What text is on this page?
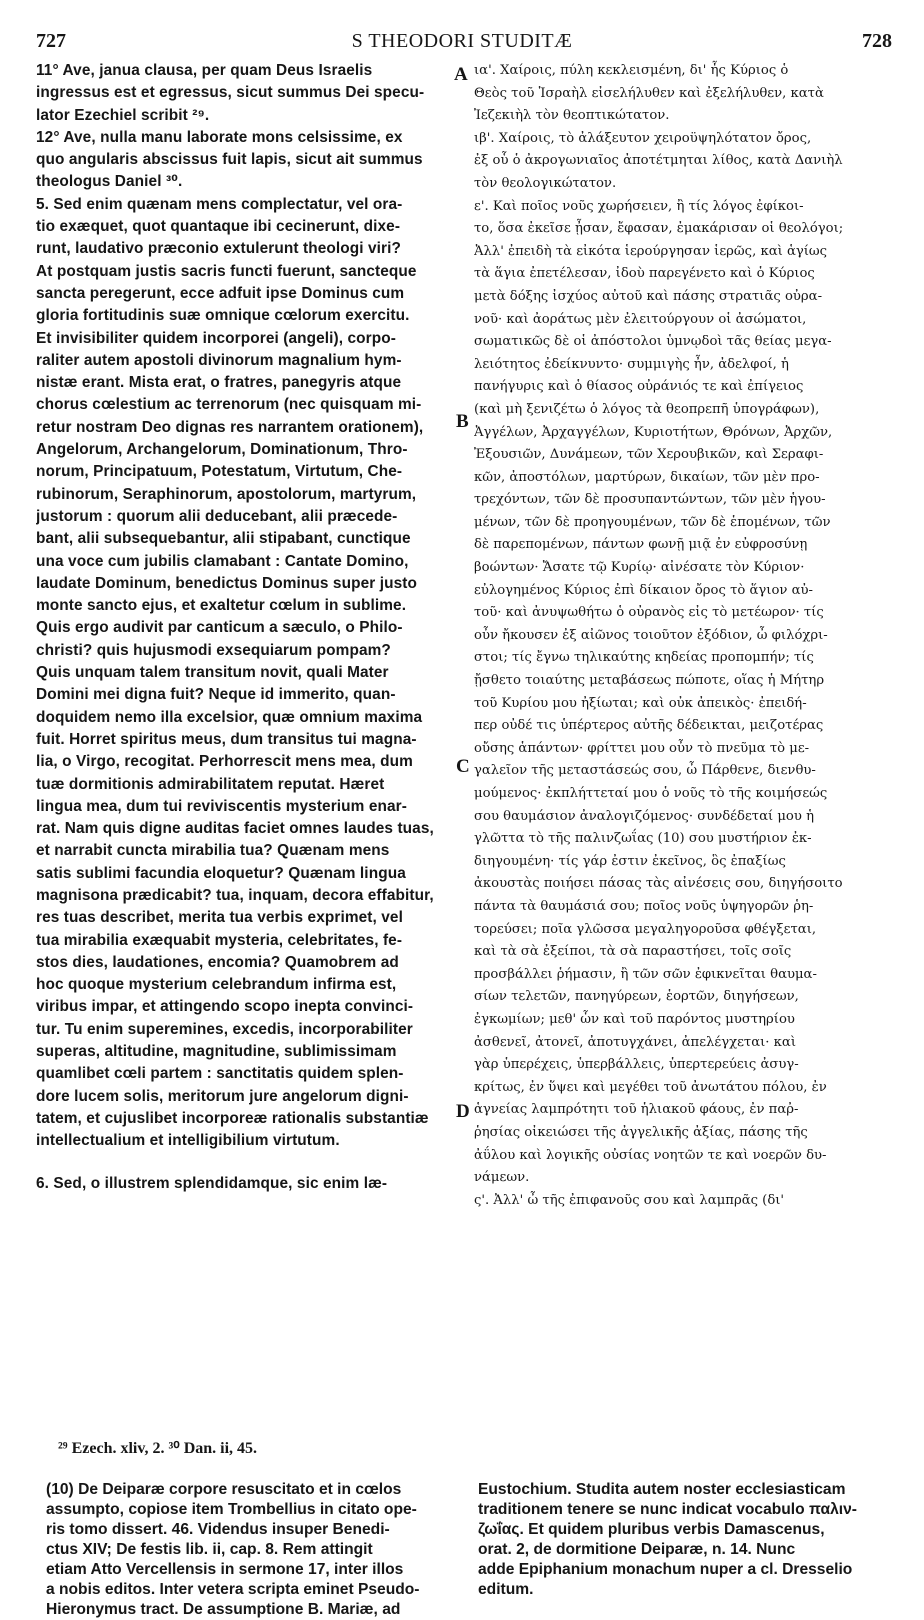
727	S THEODORI STUDITÆ	728

11° Ave, janua clausa, per quam Deus Israelis

ingressus est et egressus, sicut summus Dei specu-

lator Ezechiel scribit ²⁹.

12° Ave, nulla manu laborate mons celsissime, ex

quo angularis abscissus fuit lapis, sicut ait summus

theologus Daniel ³⁰.

5. Sed enim quænam mens complectatur, vel ora-

tio exæquet, quot quantaque ibi cecinerunt, dixe-

runt, laudativo præconio extulerunt theologi viri?

At postquam justis sacris functi fuerunt, sancteque

sancta peregerunt, ecce adfuit ipse Dominus cum

gloria fortitudinis suæ omnique cœlorum exercitu.

Et invisibiliter quidem incorporei (angeli), corpo-

raliter autem apostoli divinorum magnalium hym-

nistæ erant. Mista erat, o fratres, panegyris atque

chorus cœlestium ac terrenorum (nec quisquam mi-

retur nostram Deo dignas res narrantem orationem),

Angelorum, Archangelorum, Dominationum, Thro-

norum, Principatuum, Potestatum, Virtutum, Che-

rubinorum, Seraphinorum, apostolorum, martyrum,

justorum : quorum alii deducebant, alii præcede-

bant, alii subsequebantur, alii stipabant, cunctique

una voce cum jubilis clamabant : Cantate Domino,

laudate Dominum, benedictus Dominus super justo

monte sancto ejus, et exaltetur cœlum in sublime.

Quis ergo audivit par canticum a sæculo, o Philo-

christi? quis hujusmodi exsequiarum pompam?

Quis unquam talem transitum novit, quali Mater

Domini mei digna fuit? Neque id immerito, quan-

doquidem nemo illa excelsior, quæ omnium maxima

fuit. Horret spiritus meus, dum transitus tui magna-

lia, o Virgo, recogitat. Perhorrescit mens mea, dum

tuæ dormitionis admirabilitatem reputat. Hæret

lingua mea, dum tui reviviscentis mysterium enar-

rat. Nam quis digne auditas faciet omnes laudes tuas,

et narrabit cuncta mirabilia tua? Quænam mens

satis sublimi facundia eloquetur? Quænam lingua

magnisona prædicabit? tua, inquam, decora effabitur,

res tuas describet, merita tua verbis exprimet, vel

tua mirabilia exæquabit mysteria, celebritates, fe-

stos dies, laudationes, encomia? Quamobrem ad

hoc quoque mysterium celebrandum infirma est,

viribus impar, et attingendo scopo inepta convinci-

tur. Tu enim superemines, excedis, incorporabiliter

superas, altitudine, magnitudine, sublimissimam

quamlibet cœli partem : sanctitatis quidem splen-

dore lucem solis, meritorum jure angelorum digni-

tatem, et cujuslibet incorporeæ rationalis substantiæ

intellectualium et intelligibilium virtutum.

6. Sed, o illustrem splendidamque, sic enim læ-

ια'. Χαίροις, πύλη κεκλεισμένη, δι' ἧς Κύριος ὁ

Θεὸς τοῦ Ἰσραὴλ εἰσελήλυθεν καὶ ἐξελήλυθεν, κατὰ

Ἰεζεκιὴλ τὸν θεοπτικώτατον.

ιβ'. Χαίροις, τὸ ἀλάξευτον χειροϋψηλότατον ὄρος,

ἐξ οὗ ὁ ἀκρογωνιαῖος ἀποτέτμηται λίθος, κατὰ Δανιὴλ

τὸν θεολογικώτατον.

ε'. Καὶ ποῖος νοῦς χωρήσειεν, ἢ τίς λόγος ἐφίκοι-

το, ὅσα ἐκεῖσε ᾖσαν, ἔφασαν, ἐμακάρισαν οἱ θεολόγοι;

Ἀλλ' ἐπειδὴ τὰ εἰκότα ἱερούργησαν ἱερῶς, καὶ ἁγίως

τὰ ἅγια ἐπετέλεσαν, ἰδοὺ παρεγένετο καὶ ὁ Κύριος

μετὰ δόξης ἰσχύος αὐτοῦ καὶ πάσης στρατιᾶς οὐρα-

νοῦ· καὶ ἀοράτως μὲν ἐλειτούργουν οἱ ἀσώματοι,

σωματικῶς δὲ οἱ ἀπόστολοι ὑμνῳδοὶ τᾶς θείας μεγα-

λειότητος ἐδείκνυντο· συμμιγὴς ἦν, ἀδελφοί, ἡ

πανήγυρις καὶ ὁ θίασος οὐράνιός τε καὶ ἐπίγειος

(καὶ μὴ ξενιζέτω ὁ λόγος τὰ θεοπρεπῆ ὑπογράφων),

Ἀγγέλων, Ἀρχαγγέλων, Κυριοτήτων, Θρόνων, Ἀρχῶν,

Ἐξουσιῶν, Δυνάμεων, τῶν Χερουβικῶν, καὶ Σεραφι-

κῶν, ἀποστόλων, μαρτύρων, δικαίων, τῶν μὲν προ-

τρεχόντων, τῶν δὲ προσυπαντώντων, τῶν μὲν ἡγου-

μένων, τῶν δὲ προηγουμένων, τῶν δὲ ἑπομένων, τῶν

δὲ παρεπομένων, πάντων φωνῇ μιᾷ ἐν εὐφροσύνῃ

βοώντων· Ἄσατε τῷ Κυρίῳ· αἰνέσατε τὸν Κύριον·

εὐλογημένος Κύριος ἐπὶ δίκαιον ὄρος τὸ ἅγιον αὐ-

τοῦ· καὶ ἀνυψωθήτω ὁ οὐρανὸς εἰς τὸ μετέωρον· τίς

οὖν ἤκουσεν ἐξ αἰῶνος τοιοῦτον ἐξόδιον, ὦ φιλόχρι-

στοι; τίς ἔγνω τηλικαύτης κηδείας προπομπήν; τίς

ᾔσθετο τοιαύτης μεταβάσεως πώποτε, οἵας ἡ Μήτηρ

τοῦ Κυρίου μου ἠξίωται; καὶ οὐκ ἀπεικὸς· ἐπειδή-

περ οὐδέ τις ὑπέρτερος αὐτῆς δέδεικται, μειζοτέρας

οὔσης ἁπάντων· φρίττει μου οὖν τὸ πνεῦμα τὸ με-

γαλεῖον τῆς μεταστάσεώς σου, ὦ Πάρθενε, διενθυ-

μούμενος· ἐκπλήττεταί μου ὁ νοῦς τὸ τῆς κοιμήσεώς

σου θαυμάσιον ἀναλογιζόμενος· συνδέδεταί μου ἡ

γλῶττα τὸ τῆς παλινζωΐας (10) σου μυστήριον ἐκ-

διηγουμένη· τίς γάρ ἐστιν ἐκεῖνος, ὃς ἐπαξίως

ἀκουστὰς ποιήσει πάσας τὰς αἰνέσεις σου, διηγήσοιτο

πάντα τὰ θαυμάσιά σου; ποῖος νοῦς ὑψηγορῶν ῥη-

τορεύσει; ποῖα γλῶσσα μεγαληγοροῦσα φθέγξεται,

καὶ τὰ σὰ ἐξείποι, τὰ σὰ παραστήσει, τοῖς σοῖς

προσβάλλει ῥήμασιν, ἢ τῶν σῶν ἐφικνεῖται θαυμα-

σίων τελετῶν, πανηγύρεων, ἑορτῶν, διηγήσεων,

ἐγκωμίων; μεθ' ὧν καὶ τοῦ παρόντος μυστηρίου

ἀσθενεῖ, ἀτονεῖ, ἀποτυγχάνει, ἀπελέγχεται· καὶ

γὰρ ὑπερέχεις, ὑπερβάλλεις, ὑπερτερεύεις ἀσυγ-

κρίτως, ἐν ὕψει καὶ μεγέθει τοῦ ἀνωτάτου πόλου, ἐν

ἁγνείας λαμπρότητι τοῦ ἡλιακοῦ φάους, ἐν παῤ-

ῥησίας οἰκειώσει τῆς ἀγγελικῆς ἀξίας, πάσης τῆς

ἀΰλου καὶ λογικῆς οὐσίας νοητῶν τε καὶ νοερῶν δυ-

νάμεων.

ς'. Ἀλλ' ὦ τῆς ἐπιφανοῦς σου καὶ λαμπρᾶς (δι'

A
B
C
D
²⁹ Ezech. xliv, 2. ³⁰ Dan. ii, 45.

(10) De Deiparæ corpore resuscitato et in cœlos

assumpto, copiose item Trombellius in citato ope-

ris tomo dissert. 46. Videndus insuper Benedi-

ctus XIV; De festis lib. ii, cap. 8. Rem attingit

etiam Atto Vercellensis in sermone 17, inter illos

a nobis editos. Inter vetera scripta eminet Pseudo-

Hieronymus tract. De assumptione B. Mariæ, ad

Eustochium. Studita autem noster ecclesiasticam

traditionem tenere se nunc indicat vocabulo παλιν-

ζωΐας. Et quidem pluribus verbis Damascenus,

orat. 2, de dormitione Deiparæ, n. 14. Nunc

adde Epiphanium monachum nuper a cl. Dresselio

editum.
